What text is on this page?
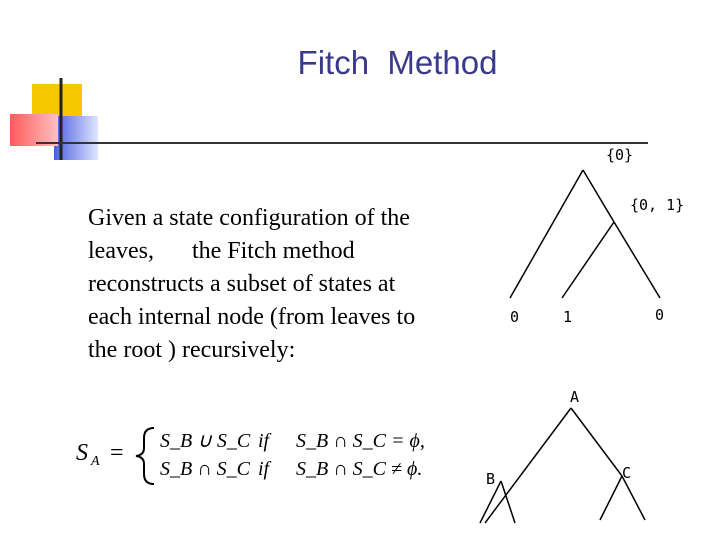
Fitch  Method
Given a state configuration of the
leaves, the Fitch method
reconstructs a subset of states at
each internal node (from leaves to
the root ) recursively:
S A = S_B ∪ S_C if S_B ∩ S_C = ϕ,
S_B ∩ S_C if S_B ∩ S_C ≠ ϕ.
{0}
{0, 1}
0	1	0
A
B	C
